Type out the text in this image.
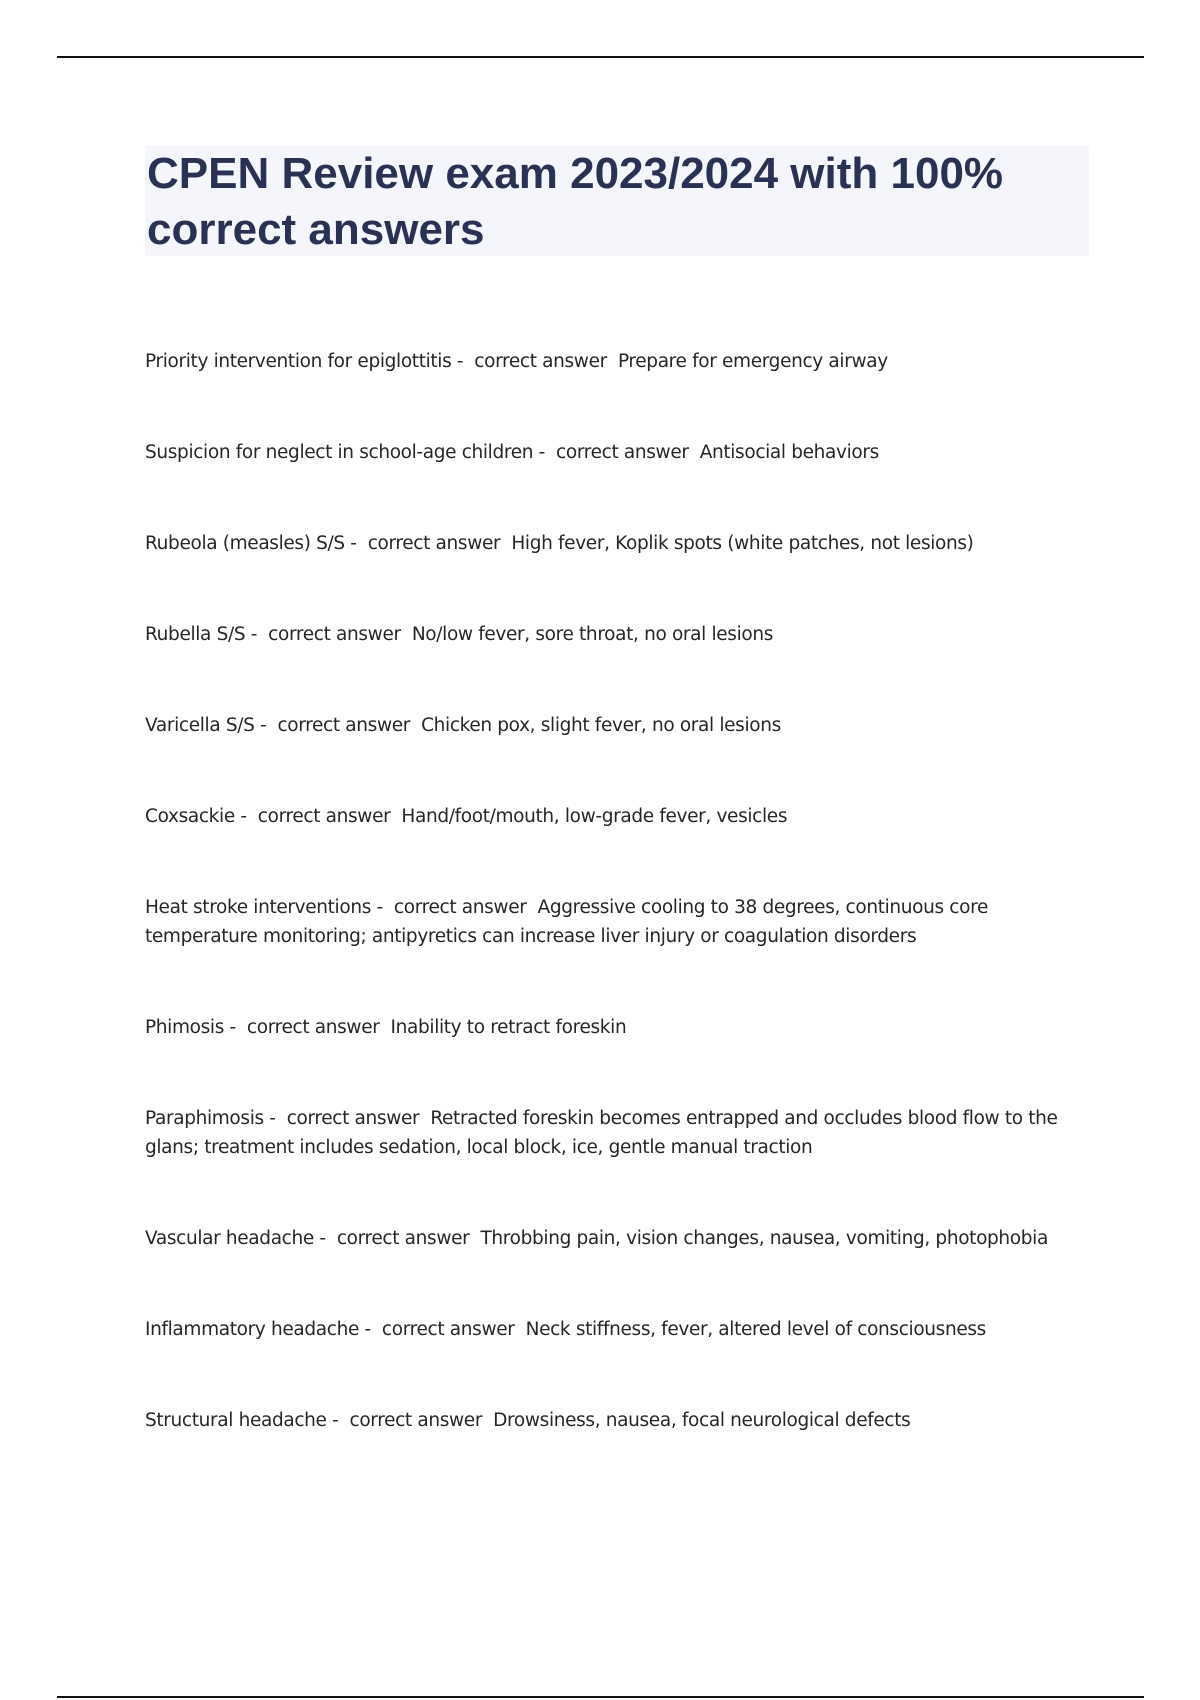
CPEN Review exam 2023/2024 with 100% correct answers
Priority intervention for epiglottitis -  correct answer  Prepare for emergency airway
Suspicion for neglect in school-age children -  correct answer  Antisocial behaviors
Rubeola (measles) S/S -  correct answer  High fever, Koplik spots (white patches, not lesions)
Rubella S/S -  correct answer  No/low fever, sore throat, no oral lesions
Varicella S/S -  correct answer  Chicken pox, slight fever, no oral lesions
Coxsackie -  correct answer  Hand/foot/mouth, low-grade fever, vesicles
Heat stroke interventions -  correct answer  Aggressive cooling to 38 degrees, continuous core temperature monitoring; antipyretics can increase liver injury or coagulation disorders
Phimosis -  correct answer  Inability to retract foreskin
Paraphimosis -  correct answer  Retracted foreskin becomes entrapped and occludes blood flow to the glans; treatment includes sedation, local block, ice, gentle manual traction
Vascular headache -  correct answer  Throbbing pain, vision changes, nausea, vomiting, photophobia
Inflammatory headache -  correct answer  Neck stiffness, fever, altered level of consciousness
Structural headache -  correct answer  Drowsiness, nausea, focal neurological defects
